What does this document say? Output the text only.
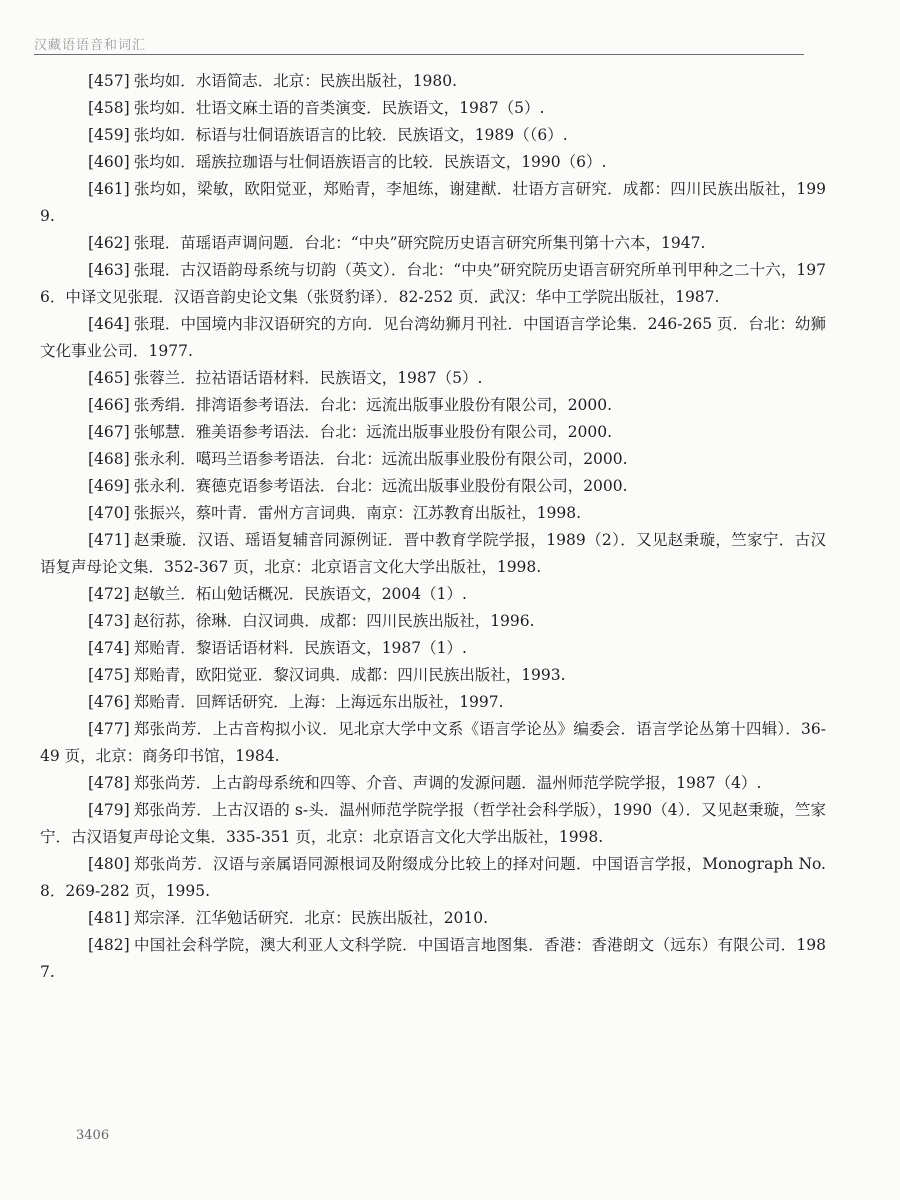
汉藏语语音和词汇
[457] 张均如．水语简志．北京：民族出版社，1980.
[458] 张均如．壮语文麻土语的音类演变．民族语文，1987（5）.
[459] 张均如．标语与壮侗语族语言的比较．民族语文，1989（（6）.
[460] 张均如．瑶族拉珈语与壮侗语族语言的比较．民族语文，1990（6）.
[461] 张均如，梁敏，欧阳觉亚，郑贻青，李旭练，谢建猷．壮语方言研究．成都：四川民族出版社，1999.
[462] 张琨．苗瑶语声调问题．台北：“中央”研究院历史语言研究所集刊第十六本，1947.
[463] 张琨．古汉语韵母系统与切韵（英文）．台北：“中央”研究院历史语言研究所单刊甲种之二十六，1976．中译文见张琨．汉语音韵史论文集（张贤豹译）．82-252 页．武汉：华中工学院出版社，1987.
[464] 张琨．中国境内非汉语研究的方向．见台湾幼狮月刊社．中国语言学论集．246-265 页．台北：幼狮文化事业公司．1977.
[465] 张蓉兰．拉祜语话语材料．民族语文，1987（5）.
[466] 张秀绢．排湾语参考语法．台北：远流出版事业股份有限公司，2000.
[467] 张郇慧．雅美语参考语法．台北：远流出版事业股份有限公司，2000.
[468] 张永利．噶玛兰语参考语法．台北：远流出版事业股份有限公司，2000.
[469] 张永利．赛德克语参考语法．台北：远流出版事业股份有限公司，2000.
[470] 张振兴，蔡叶青．雷州方言词典．南京：江苏教育出版社，1998.
[471] 赵秉璇．汉语、瑶语复辅音同源例证．晋中教育学院学报，1989（2）．又见赵秉璇，竺家宁．古汉语复声母论文集．352-367 页，北京：北京语言文化大学出版社，1998.
[472] 赵敏兰．柘山勉话概况．民族语文，2004（1）.
[473] 赵衍荪，徐琳．白汉词典．成都：四川民族出版社，1996.
[474] 郑贻青．黎语话语材料．民族语文，1987（1）.
[475] 郑贻青，欧阳觉亚．黎汉词典．成都：四川民族出版社，1993.
[476] 郑贻青．回辉话研究．上海：上海远东出版社，1997.
[477] 郑张尚芳．上古音构拟小议．见北京大学中文系《语言学论丛》编委会．语言学论丛第十四辑）．36-49 页，北京：商务印书馆，1984.
[478] 郑张尚芳．上古韵母系统和四等、介音、声调的发源问题．温州师范学院学报，1987（4）.
[479] 郑张尚芳．上古汉语的 s-头．温州师范学院学报（哲学社会科学版），1990（4）．又见赵秉璇，竺家宁．古汉语复声母论文集．335-351 页，北京：北京语言文化大学出版社，1998.
[480] 郑张尚芳．汉语与亲属语同源根词及附缀成分比较上的择对问题．中国语言学报，Monograph No.8．269-282 页，1995.
[481] 郑宗泽．江华勉话研究．北京：民族出版社，2010.
[482] 中国社会科学院，澳大利亚人文科学院．中国语言地图集．香港：香港朗文（远东）有限公司．1987.
3406
